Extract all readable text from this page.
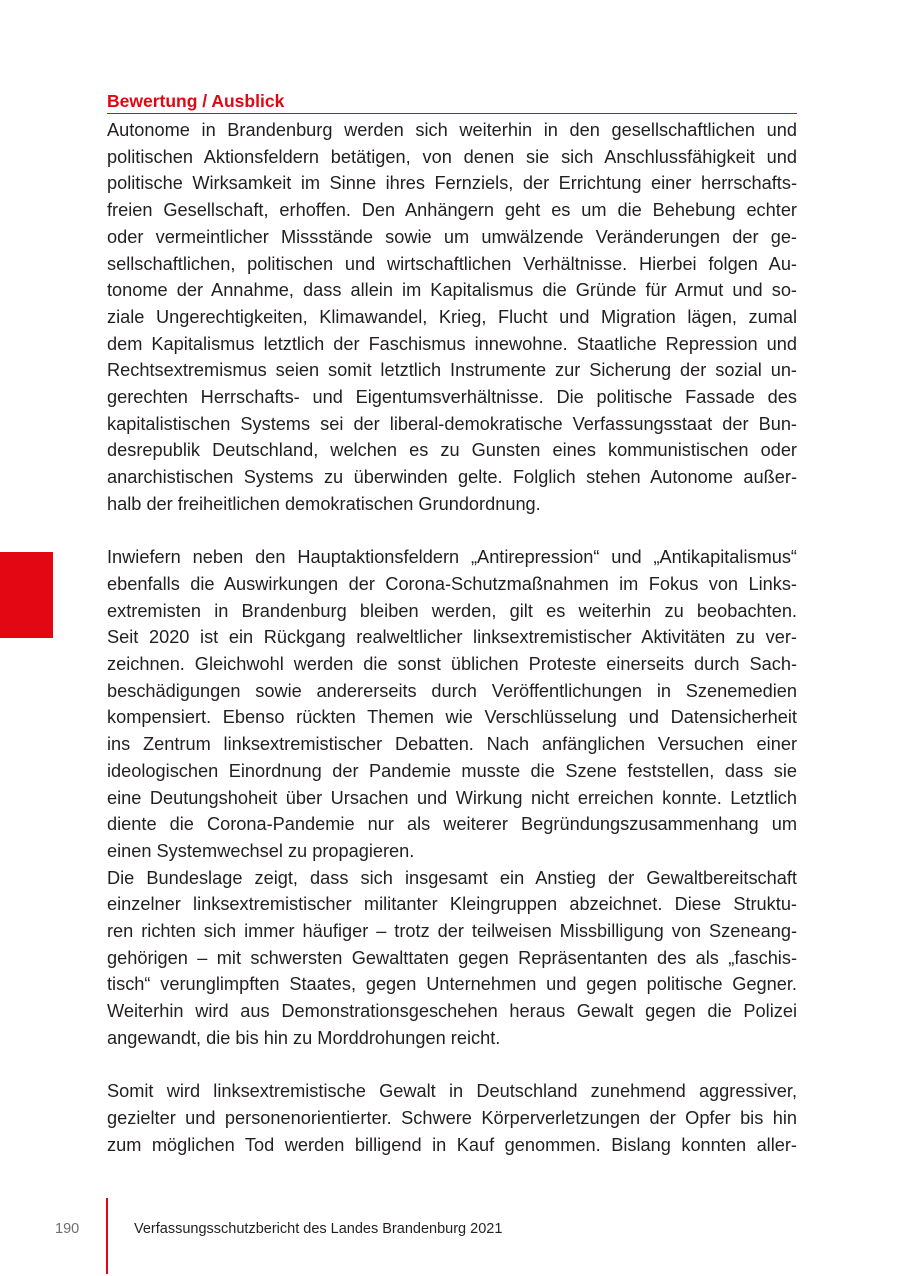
Bewertung / Ausblick

Autonome in Brandenburg werden sich weiterhin in den gesellschaftlichen und
politischen Aktionsfeldern betätigen, von denen sie sich Anschlussfähigkeit und
politische Wirksamkeit im Sinne ihres Fernziels, der Errichtung einer herrschafts-
freien Gesellschaft, erhoffen. Den Anhängern geht es um die Behebung echter
oder vermeintlicher Missstände sowie um umwälzende Veränderungen der ge-
sellschaftlichen, politischen und wirtschaftlichen Verhältnisse. Hierbei folgen Au-
tonome der Annahme, dass allein im Kapitalismus die Gründe für Armut und so-
ziale Ungerechtigkeiten, Klimawandel, Krieg, Flucht und Migration lägen, zumal
dem Kapitalismus letztlich der Faschismus innewohne. Staatliche Repression und
Rechtsextremismus seien somit letztlich Instrumente zur Sicherung der sozial un-
gerechten Herrschafts- und Eigentumsverhältnisse. Die politische Fassade des
kapitalistischen Systems sei der liberal-demokratische Verfassungsstaat der Bun-
desrepublik Deutschland, welchen es zu Gunsten eines kommunistischen oder
anarchistischen Systems zu überwinden gelte. Folglich stehen Autonome außer-
halb der freiheitlichen demokratischen Grundordnung.

Inwiefern neben den Hauptaktionsfeldern „Antirepression“ und „Antikapitalismus“
ebenfalls die Auswirkungen der Corona-Schutzmaßnahmen im Fokus von Links-
extremisten in Brandenburg bleiben werden, gilt es weiterhin zu beobachten.
Seit 2020 ist ein Rückgang realweltlicher linksextremistischer Aktivitäten zu ver-
zeichnen. Gleichwohl werden die sonst üblichen Proteste einerseits durch Sach-
beschädigungen sowie andererseits durch Veröffentlichungen in Szenemedien
kompensiert. Ebenso rückten Themen wie Verschlüsselung und Datensicherheit
ins Zentrum linksextremistischer Debatten. Nach anfänglichen Versuchen einer
ideologischen Einordnung der Pandemie musste die Szene feststellen, dass sie
eine Deutungshoheit über Ursachen und Wirkung nicht erreichen konnte. Letztlich
diente die Corona-Pandemie nur als weiterer Begründungszusammenhang um
einen Systemwechsel zu propagieren.

Die Bundeslage zeigt, dass sich insgesamt ein Anstieg der Gewaltbereitschaft
einzelner linksextremistischer militanter Kleingruppen abzeichnet. Diese Struktu-
ren richten sich immer häufiger – trotz der teilweisen Missbilligung von Szeneang-
gehörigen – mit schwersten Gewalttaten gegen Repräsentanten des als „faschis-
tisch“ verunglimpften Staates, gegen Unternehmen und gegen politische Gegner.
Weiterhin wird aus Demonstrationsgeschehen heraus Gewalt gegen die Polizei
angewandt, die bis hin zu Morddrohungen reicht.

Somit wird linksextremistische Gewalt in Deutschland zunehmend aggressiver,
gezielter und personenorientierter. Schwere Körperverletzungen der Opfer bis hin
zum möglichen Tod werden billigend in Kauf genommen. Bislang konnten aller-

190	Verfassungsschutzbericht des Landes Brandenburg 2021
